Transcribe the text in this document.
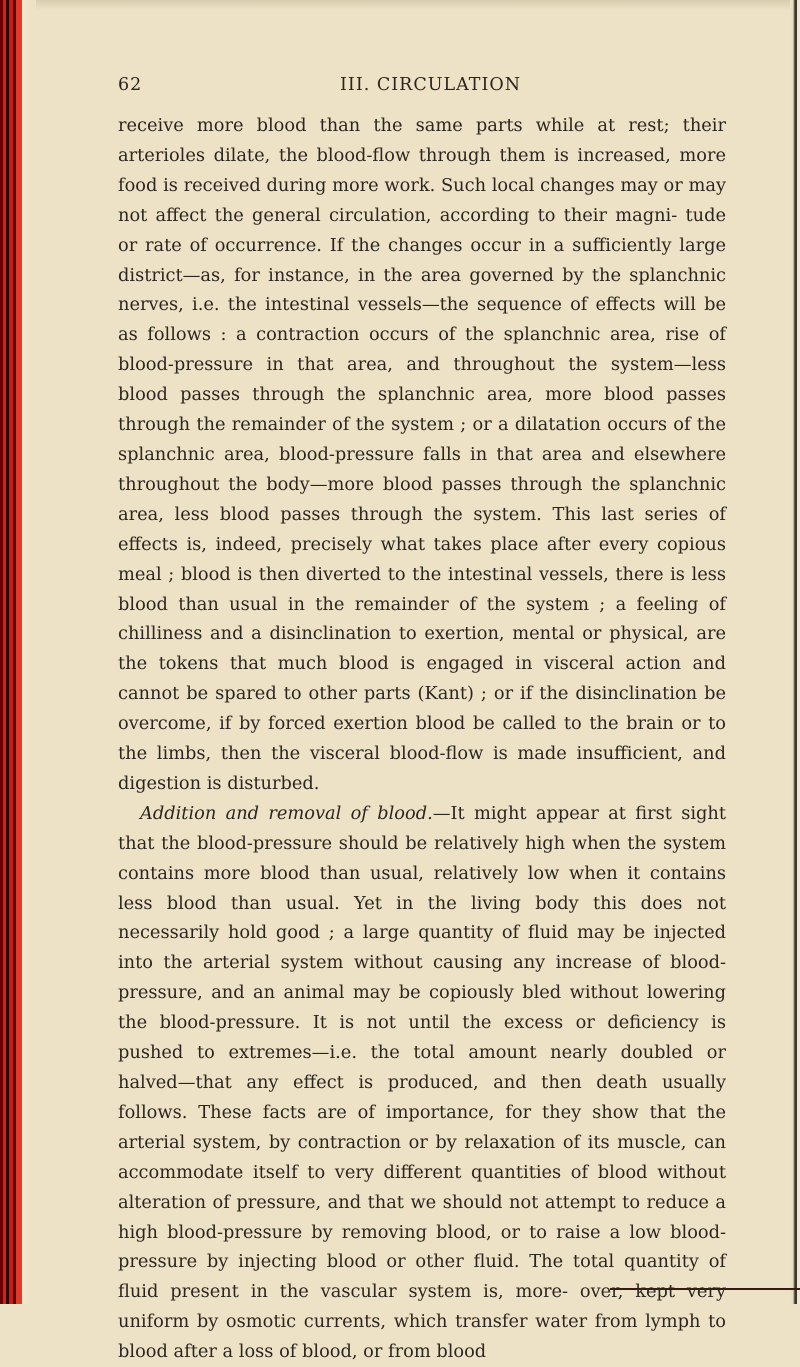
62	III. CIRCULATION

receive more blood than the same parts while at rest; their arterioles dilate, the blood-flow through them is increased, more food is received during more work. Such local changes may or may not affect the general circulation, according to their magni- tude or rate of occurrence. If the changes occur in a sufficiently large district—as, for instance, in the area governed by the splanchnic nerves, i.e. the intestinal vessels—the sequence of effects will be as follows : a contraction occurs of the splanchnic area, rise of blood-pressure in that area, and throughout the system—less blood passes through the splanchnic area, more blood passes through the remainder of the system ; or a dilatation occurs of the splanchnic area, blood-pressure falls in that area and elsewhere throughout the body—more blood passes through the splanchnic area, less blood passes through the system. This last series of effects is, indeed, precisely what takes place after every copious meal ; blood is then diverted to the intestinal vessels, there is less blood than usual in the remainder of the system ; a feeling of chilliness and a disinclination to exertion, mental or physical, are the tokens that much blood is engaged in visceral action and cannot be spared to other parts (Kant) ; or if the disinclination be overcome, if by forced exertion blood be called to the brain or to the limbs, then the visceral blood-flow is made insufficient, and digestion is disturbed.

Addition and removal of blood.—It might appear at first sight that the blood-pressure should be relatively high when the system contains more blood than usual, relatively low when it contains less blood than usual. Yet in the living body this does not necessarily hold good ; a large quantity of fluid may be injected into the arterial system without causing any increase of blood-pressure, and an animal may be copiously bled without lowering the blood-pressure. It is not until the excess or deficiency is pushed to extremes—i.e. the total amount nearly doubled or halved—that any effect is produced, and then death usually follows. These facts are of importance, for they show that the arterial system, by contraction or by relaxation of its muscle, can accommodate itself to very different quantities of blood without alteration of pressure, and that we should not attempt to reduce a high blood-pressure by removing blood, or to raise a low blood-pressure by injecting blood or other fluid. The total quantity of fluid present in the vascular system is, more- over, kept very uniform by osmotic currents, which transfer water from lymph to blood after a loss of blood, or from blood
